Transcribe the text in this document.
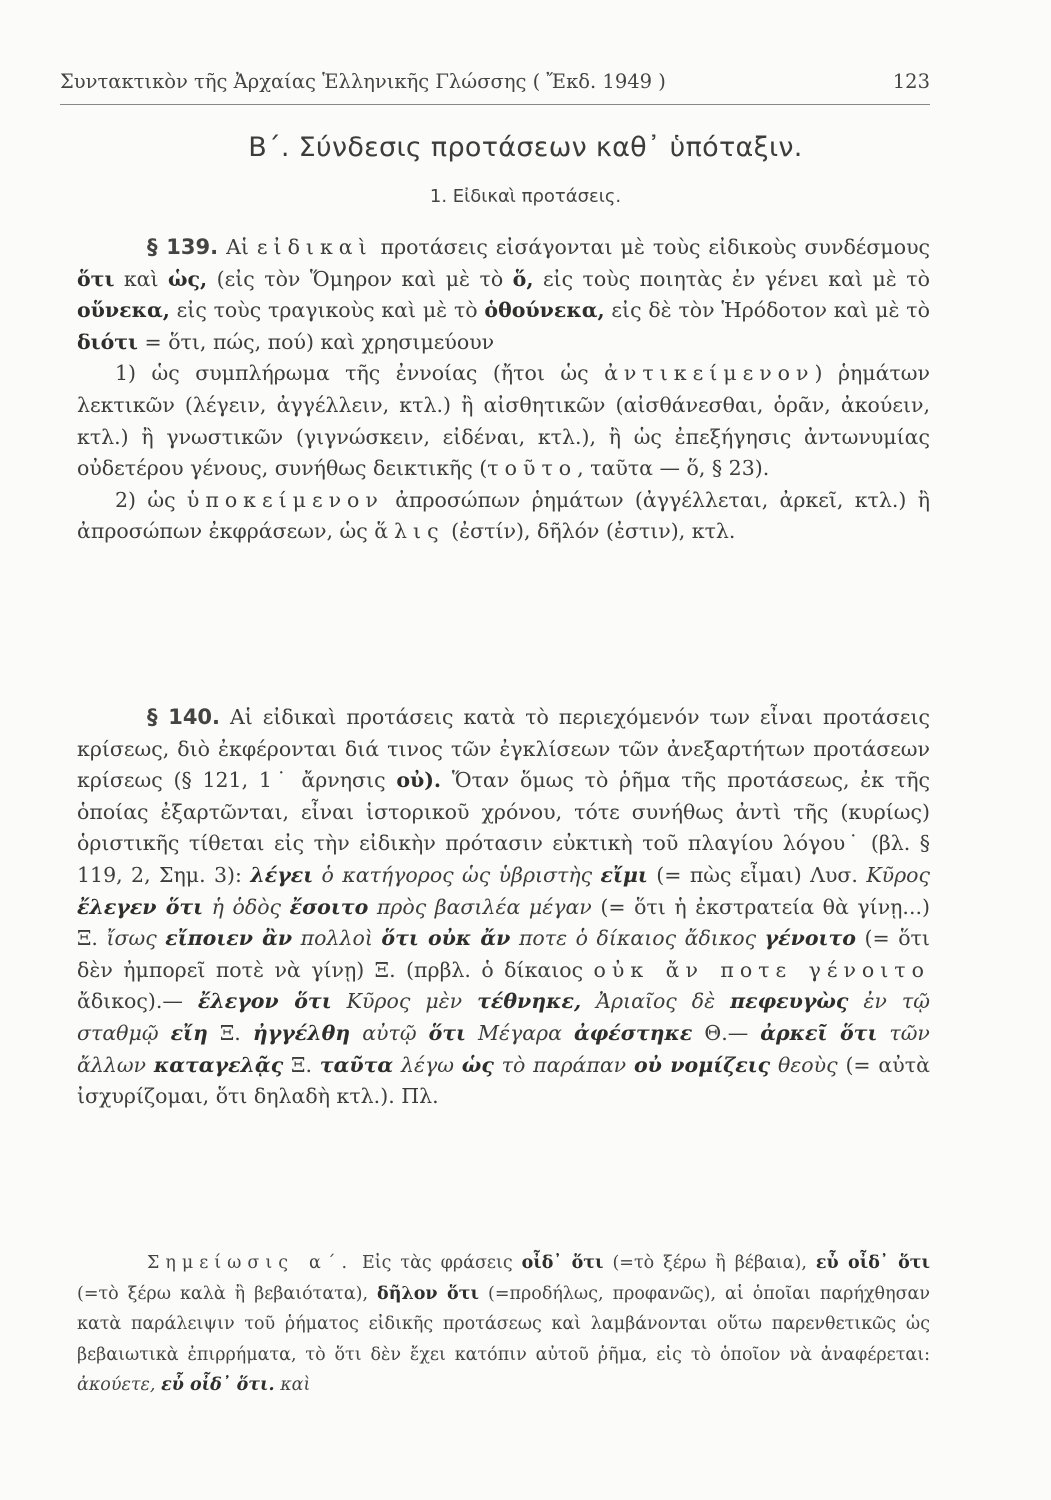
Συντακτικὸν τῆς Ἀρχαίας Ἑλληνικῆς Γλώσσης ( Ἔκδ. 1949 )	123
Β΄. Σύνδεσις προτάσεων καθ᾽ ὑπόταξιν.
1. Εἰδικαὶ προτάσεις.

§ 139. Αἱ εἰδικαὶ προτάσεις εἰσάγονται μὲ τοὺς εἰδικοὺς συνδέσμους ὅτι καὶ ὡς, (εἰς τὸν Ὅμηρον καὶ μὲ τὸ ὅ, εἰς τοὺς ποιητὰς ἐν γένει καὶ μὲ τὸ οὕνεκα, εἰς τοὺς τραγικοὺς καὶ μὲ τὸ ὁθούνεκα, εἰς δὲ τὸν Ἡρόδοτον καὶ μὲ τὸ διότι = ὅτι, πώς, πού) καὶ χρησιμεύουν

1) ὡς συμπλήρωμα τῆς ἐννοίας (ἤτοι ὡς ἀντικείμενον) ῥημάτων λεκτικῶν (λέγειν, ἀγγέλλειν, κτλ.) ἢ αἰσθητικῶν (αἰσθάνεσθαι, ὁρᾶν, ἀκούειν, κτλ.) ἢ γνωστικῶν (γιγνώσκειν, εἰδέναι, κτλ.), ἢ ὡς ἐπεξήγησις ἀντωνυμίας οὐδετέρου γένους, συνήθως δεικτικῆς (τοῦτο, ταῦτα — ὅ, § 23).

2) ὡς ὑποκείμενον ἀπροσώπων ῥημάτων (ἀγγέλλεται, ἀρκεῖ, κτλ.) ἢ ἀπροσώπων ἐκφράσεων, ὡς ἅλις (ἐστίν), δῆλόν (ἐστιν), κτλ.

§ 140. Αἱ εἰδικαὶ προτάσεις κατὰ τὸ περιεχόμενόν των εἶναι προτάσεις κρίσεως, διὸ ἐκφέρονται διά τινος τῶν ἐγκλίσεων τῶν ἀνεξαρτήτων προτάσεων κρίσεως (§ 121, 1˙ ἄρνησις οὐ). Ὅταν ὅμως τὸ ῥῆμα τῆς προτάσεως, ἐκ τῆς ὁποίας ἐξαρτῶνται, εἶναι ἱστορικοῦ χρόνου, τότε συνήθως ἀντὶ τῆς (κυρίως) ὁριστικῆς τίθεται εἰς τὴν εἰδικὴν πρότασιν εὐκτικὴ τοῦ πλαγίου λόγου˙ (βλ. § 119, 2, Σημ. 3): λέγει ὁ κατήγορος ὡς ὑβριστὴς εἴμι (= πὼς εἶμαι) Λυσ. Κῦρος ἔλεγεν ὅτι ἡ ὁδὸς ἔσοιτο πρὸς βασιλέα μέγαν (= ὅτι ἡ ἐκστρατεία θὰ γίνῃ...) Ξ. ἴσως εἴποιεν ἂν πολλοὶ ὅτι οὐκ ἄν ποτε ὁ δίκαιος ἄδικος γένοιτο (= ὅτι δὲν ἠμπορεῖ ποτὲ νὰ γίνῃ) Ξ. (πρβλ. ὁ δίκαιος οὐκ ἄν ποτε γένοιτο ἄδικος).— ἔλεγον ὅτι Κῦρος μὲν τέθνηκε, Ἀριαῖος δὲ πεφευγὼς ἐν τῷ σταθμῷ εἴη Ξ. ἠγγέλθη αὐτῷ ὅτι Μέγαρα ἀφέστηκε Θ.— ἀρκεῖ ὅτι τῶν ἄλλων καταγελᾷς Ξ. ταῦτα λέγω ὡς τὸ παράπαν οὐ νομίζεις θεοὺς (= αὐτὰ ἰσχυρίζομαι, ὅτι δηλαδὴ κτλ.). Πλ.

Σημείωσις α΄. Εἰς τὰς φράσεις οἶδ᾽ ὅτι (=τὸ ξέρω ἢ βέβαια), εὖ οἶδ᾽ ὅτι (=τὸ ξέρω καλὰ ἢ βεβαιότατα), δῆλον ὅτι (=προδήλως, προφανῶς), αἱ ὁποῖαι παρήχθησαν κατὰ παράλειψιν τοῦ ῥήματος εἰδικῆς προτάσεως καὶ λαμβάνονται οὕτω παρενθετικῶς ὡς βεβαιωτικὰ ἐπιρρήματα, τὸ ὅτι δὲν ἔχει κατόπιν αὐτοῦ ῥῆμα, εἰς τὸ ὁποῖον νὰ ἀναφέρεται: ἀκούετε, εὖ οἶδ᾽ ὅτι. καὶ
